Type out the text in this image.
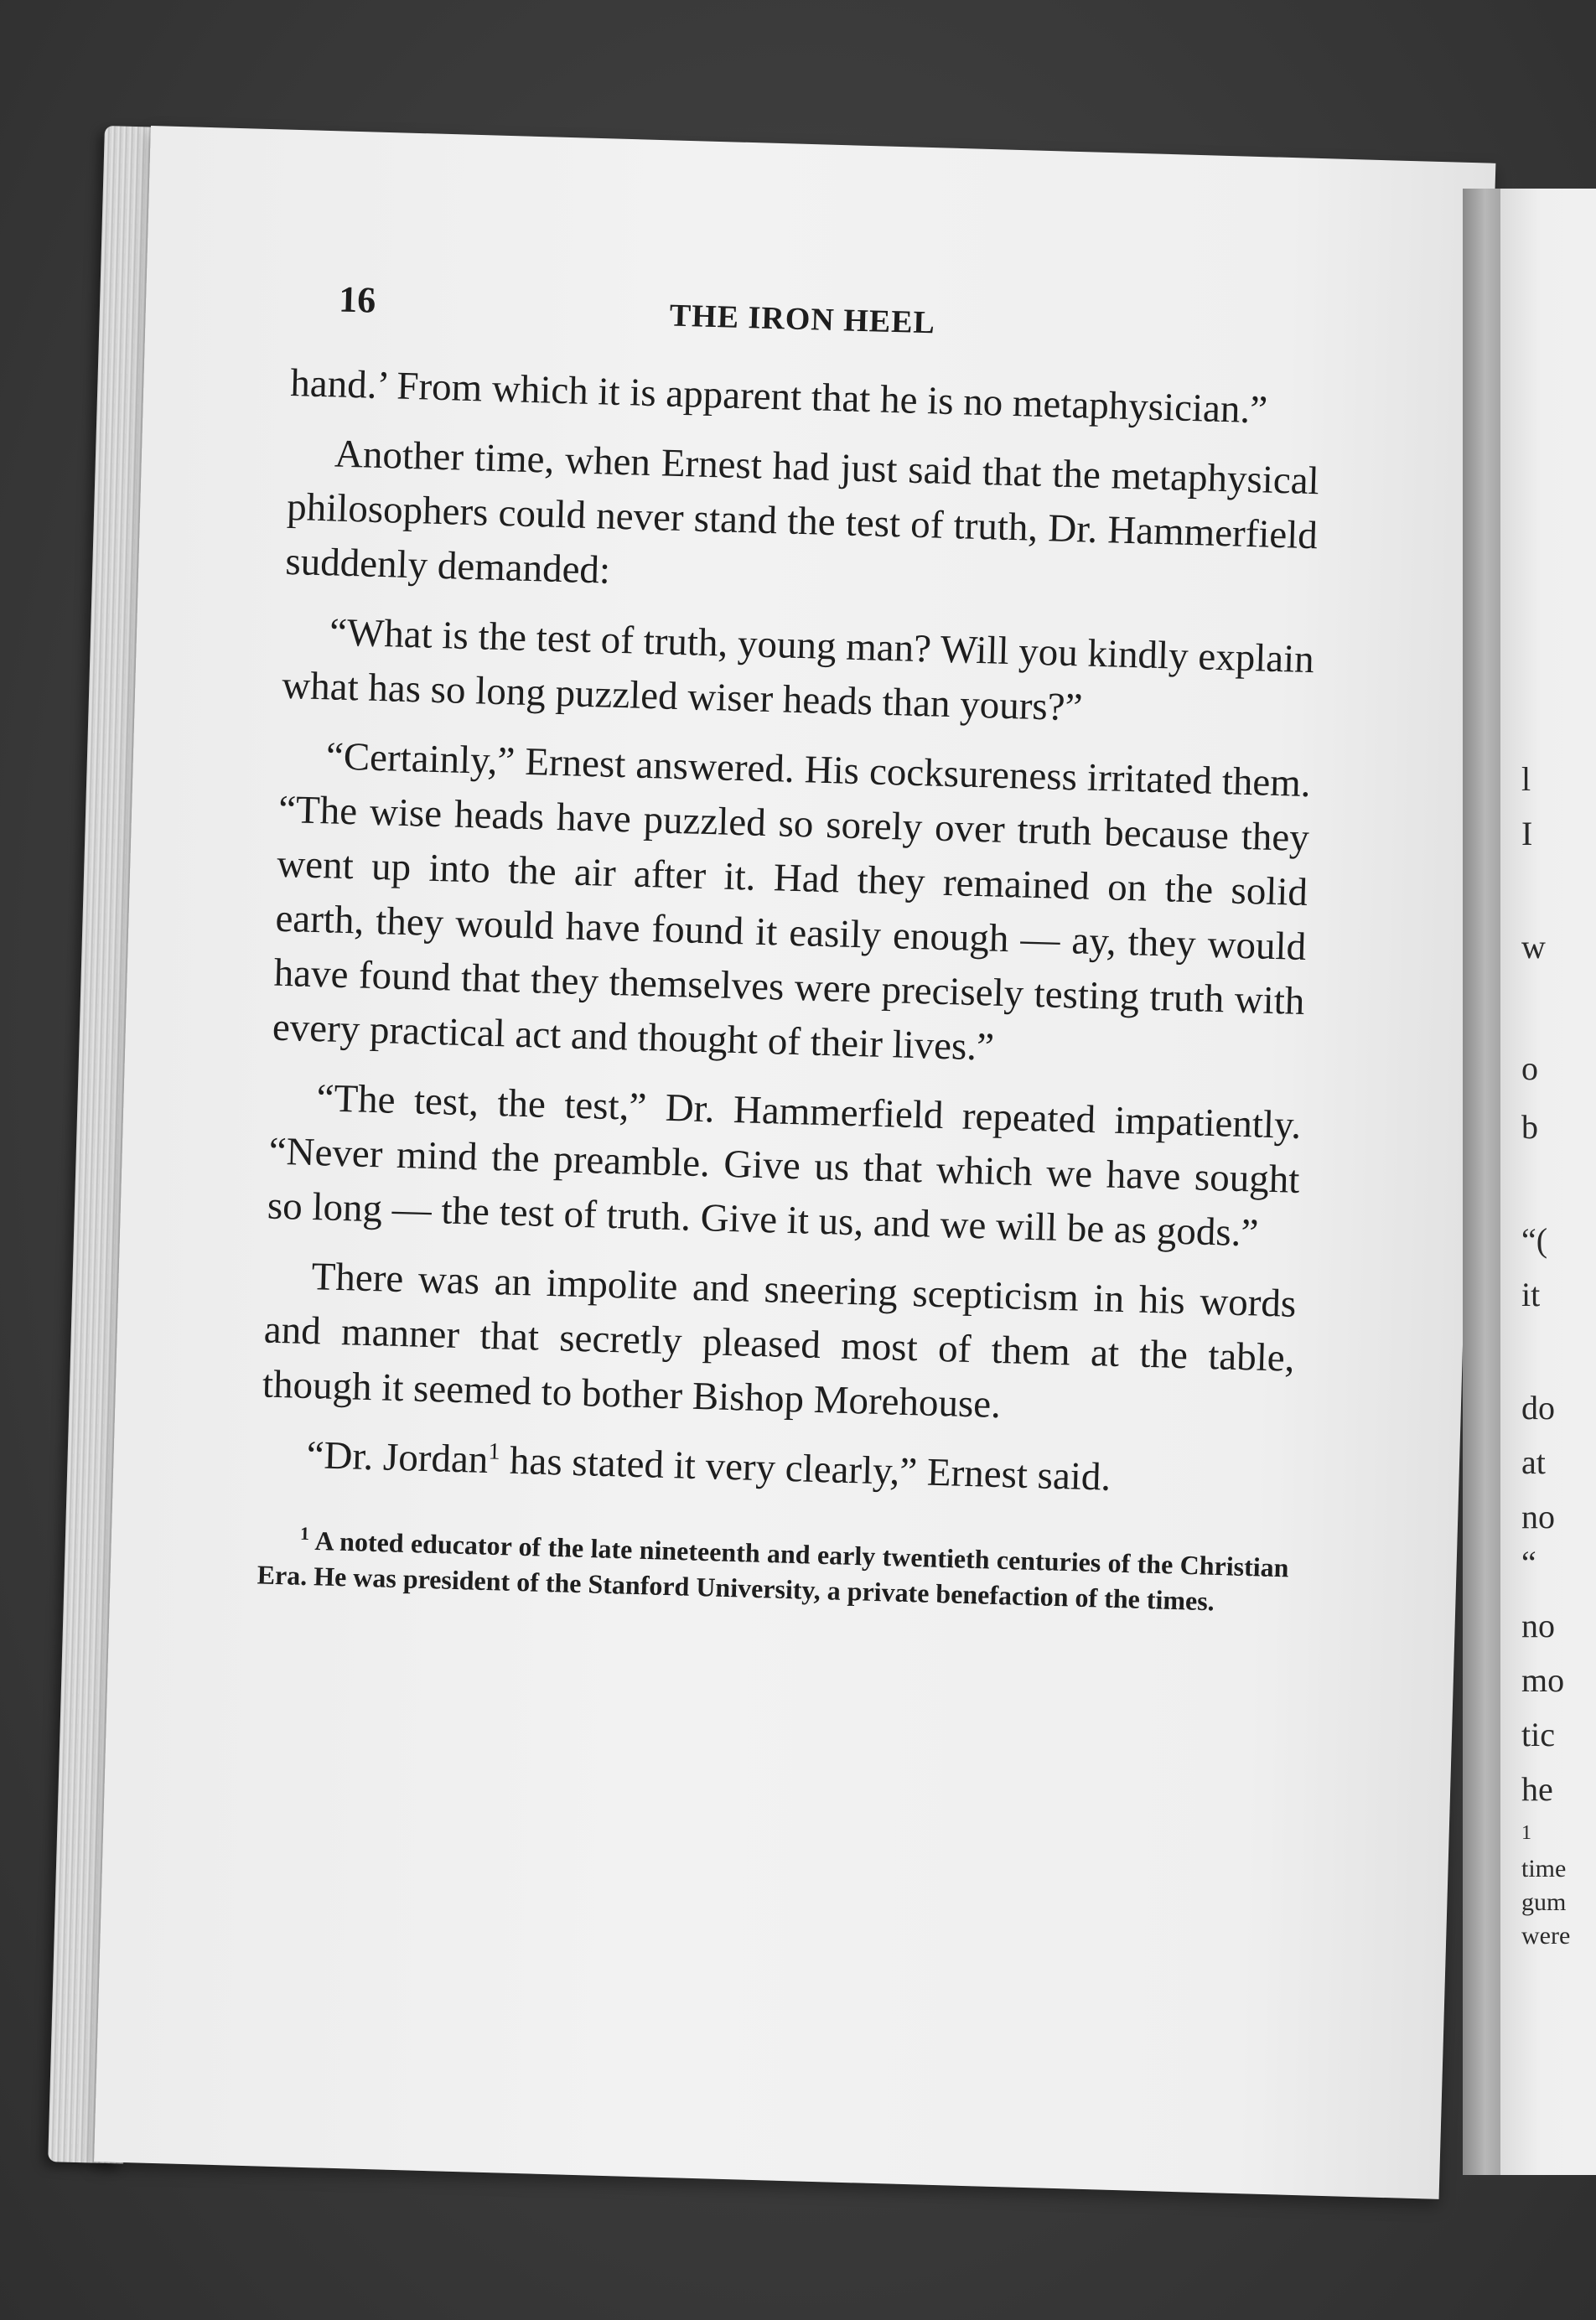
l
I
w
o
b
“(
it
do
at
no
“
no
mo
tic
he
1
time
gum
were
16	THE IRON HEEL

hand.’ From which it is apparent that he is no metaphysician.”

Another time, when Ernest had just said that the metaphysical philosophers could never stand the test of truth, Dr. Hammerfield suddenly demanded:

“What is the test of truth, young man? Will you kindly explain what has so long puzzled wiser heads than yours?”

“Certainly,” Ernest answered. His cocksureness irritated them. “The wise heads have puzzled so sorely over truth because they went up into the air after it. Had they remained on the solid earth, they would have found it easily enough — ay, they would have found that they themselves were precisely testing truth with every practical act and thought of their lives.”

“The test, the test,” Dr. Hammerfield repeated impatiently. “Never mind the preamble. Give us that which we have sought so long — the test of truth. Give it us, and we will be as gods.”

There was an impolite and sneering scepticism in his words and manner that secretly pleased most of them at the table, though it seemed to bother Bishop Morehouse.

“Dr. Jordan$^1$ has stated it very clearly,” Ernest said.

$^1$ A noted educator of the late nineteenth and early twentieth centuries of the Christian Era. He was president of the Stanford University, a private benefaction of the times.
